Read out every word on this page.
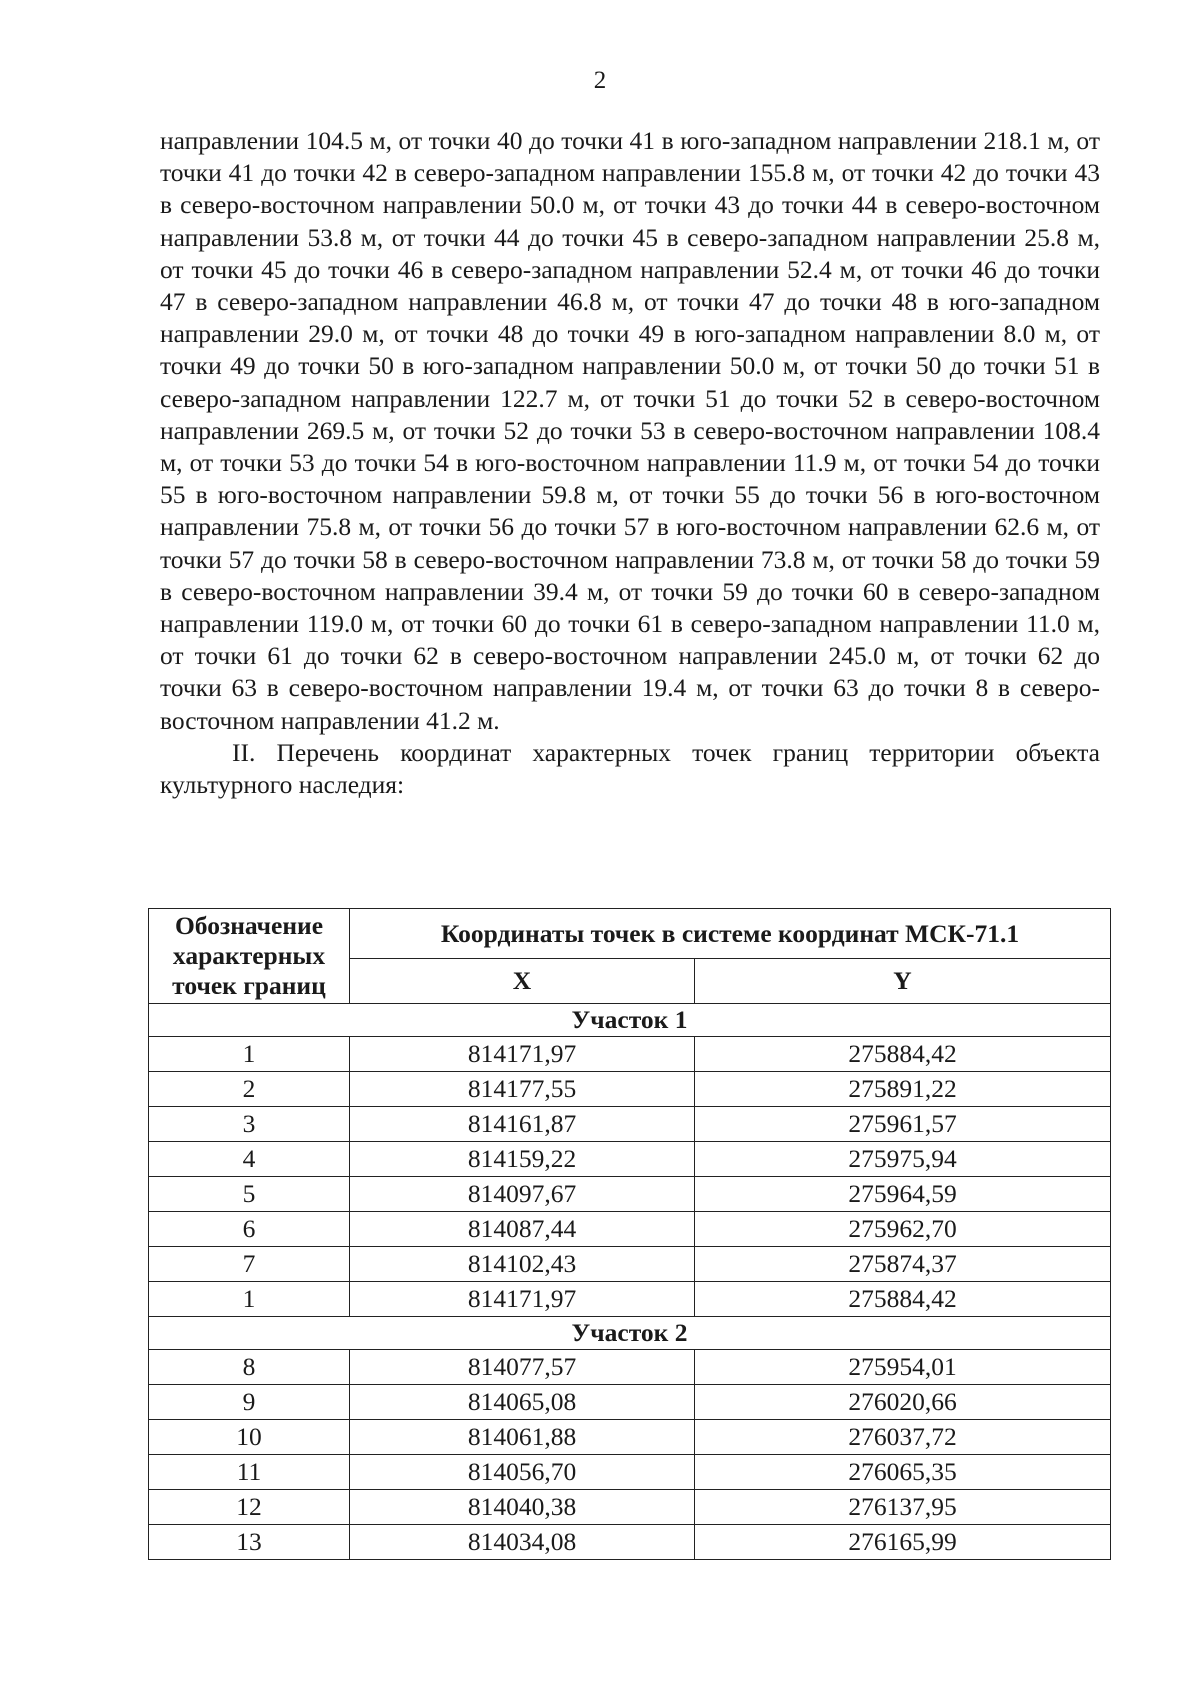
2

направлении 104.5 м, от точки 40 до точки 41 в юго-западном направлении 218.1 м, от точки 41 до точки 42 в северо-западном направлении 155.8 м, от точки 42 до точки 43 в северо-восточном направлении 50.0 м, от точки 43 до точки 44 в северо-восточном направлении 53.8 м, от точки 44 до точки 45 в северо-западном направлении 25.8 м, от точки 45 до точки 46 в северо-западном направлении 52.4 м, от точки 46 до точки 47 в северо-западном направлении 46.8 м, от точки 47 до точки 48 в юго-западном направлении 29.0 м, от точки 48 до точки 49 в юго-западном направлении 8.0 м, от точки 49 до точки 50 в юго-западном направлении 50.0 м, от точки 50 до точки 51 в северо-западном направлении 122.7 м, от точки 51 до точки 52 в северо-восточном направлении 269.5 м, от точки 52 до точки 53 в северо-восточном направлении 108.4 м, от точки 53 до точки 54 в юго-восточном направлении 11.9 м, от точки 54 до точки 55 в юго-восточном направлении 59.8 м, от точки 55 до точки 56 в юго-восточном направлении 75.8 м, от точки 56 до точки 57 в юго-восточном направлении 62.6 м, от точки 57 до точки 58 в северо-восточном направлении 73.8 м, от точки 58 до точки 59 в северо-восточном направлении 39.4 м, от точки 59 до точки 60 в северо-западном направлении 119.0 м, от точки 60 до точки 61 в северо-западном направлении 11.0 м, от точки 61 до точки 62 в северо-восточном направлении 245.0 м, от точки 62 до точки 63 в северо-восточном направлении 19.4 м, от точки 63 до точки 8 в северо-восточном направлении 41.2 м.

II. Перечень координат характерных точек границ территории объекта культурного наследия:

Обозначение характерных точек границ	Координаты точек в системе координат МСК-71.1	
	X	Y
Участок 1		
1	814171,97	275884,42
2	814177,55	275891,22
3	814161,87	275961,57
4	814159,22	275975,94
5	814097,67	275964,59
6	814087,44	275962,70
7	814102,43	275874,37
1	814171,97	275884,42
Участок 2		
8	814077,57	275954,01
9	814065,08	276020,66
10	814061,88	276037,72
11	814056,70	276065,35
12	814040,38	276137,95
13	814034,08	276165,99
